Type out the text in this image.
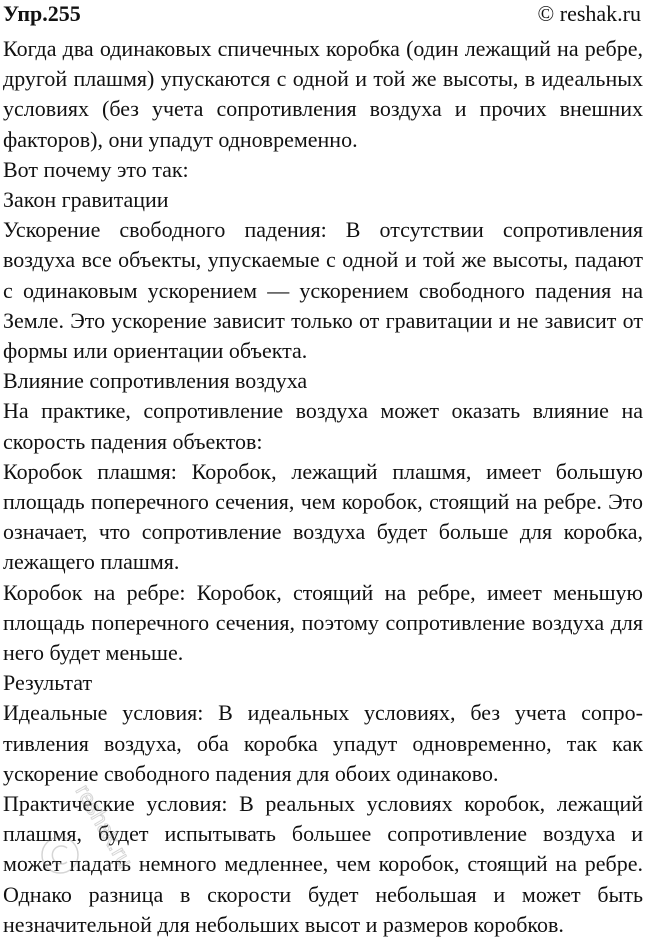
Упр.255	© reshak.ru

Когда два одинаковых спичечных коробка (один лежащий на ребре, другой плашмя) упускаются с одной и той же высоты, в идеальных условиях (без учета сопротивления воздуха и прочих внешних факторов), они упадут одновременно.

Вот почему это так:

Закон гравитации

Ускорение свободного падения: В отсутствии сопротивления воздуха все объекты, упускаемые с одной и той же высоты, падают с одинаковым ускорением — ускорением свободного падения на Земле. Это ускорение зависит только от гравитации и не зависит от формы или ориентации объекта.

Влияние сопротивления воздуха

На практике, сопротивление воздуха может оказать влияние на скорость падения объектов:

Коробок плашмя: Коробок, лежащий плашмя, имеет большую площадь поперечного сечения, чем коробок, стоящий на ребре. Это означает, что сопротивление воздуха будет больше для коробка, лежащего плашмя.

Коробок на ребре: Коробок, стоящий на ребре, имеет меньшую площадь поперечного сечения, поэтому сопротивление воздуха для него будет меньше.

Результат

Идеальные условия: В идеальных условиях, без учета сопротивления воздуха, оба коробка упадут одновременно, так как ускорение свободного падения для обоих одинаково.

Практические условия: В реальных условиях коробок, лежащий плашмя, будет испытывать большее сопротивление воздуха и может падать немного медленнее, чем коробок, стоящий на ребре. Однако разница в скорости будет небольшая и может быть незначительной для небольших высот и размеров коробков.

reshak.ru
